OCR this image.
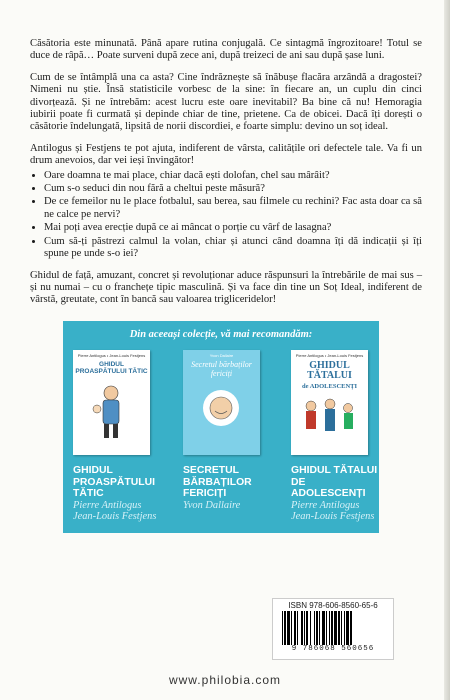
Căsătoria este minunată. Până apare rutina conjugală. Ce sintagmă îngrozitoare! Totul se duce de râpă… Poate surveni după zece ani, după treizeci de ani sau după șase luni.

Cum de se întâmplă una ca asta? Cine îndrăznește să înăbușe flacăra arzândă a dragostei? Nimeni nu știe. Însă statisticile vorbesc de la sine: în fiecare an, un cuplu din cinci divorțează. Și ne întrebăm: acest lucru este oare inevitabil? Ba bine că nu! Hemoragia iubirii poate fi curmată și depinde chiar de tine, prietene. Ca de obicei. Dacă îți dorești o căsătorie îndelungată, lipsită de norii discordiei, e foarte simplu: devino un soț ideal.

Antilogus și Festjens te pot ajuta, indiferent de vârsta, calitățile ori defectele tale. Va fi un drum anevoios, dar vei ieși învingător!

• Oare doamna te mai place, chiar dacă ești dolofan, chel sau mârâit?
• Cum s-o seduci din nou fără a cheltui peste măsură?
• De ce femeilor nu le place fotbalul, sau berea, sau filmele cu rechini? Fac asta doar ca să ne calce pe nervi?
• Mai poți avea erecție după ce ai mâncat o porție cu vârf de lasagna?
• Cum să-ți păstrezi calmul la volan, chiar și atunci când doamna îți dă indicații și îți spune pe unde s-o iei?

Ghidul de față, amuzant, concret și revoluționar aduce răspunsuri la întrebările de mai sus – și nu numai – cu o franchețe tipic masculină. Și va face din tine un Soț Ideal, indiferent de vârstă, greutate, cont în bancă sau valoarea trigliceridelor!

Din aceeași colecție, vă mai recomandăm:
Pierre Antilogus • Jean-Louis Festjens
GHIDUL PROASPĂTULUI TĂTIC
GHIDUL PROASPĂTULUI TĂTIC
Pierre Antilogus Jean-Louis Festjens
Yvon Dallaire
Secretul bărbaților fericiți
SECRETUL BĂRBAȚILOR FERICIȚI
Yvon Dallaire
Pierre Antilogus • Jean-Louis Festjens
GHIDUL TĂTALUI
de ADOLESCENȚI
GHIDUL TĂTALUI DE ADOLESCENȚI
Pierre Antilogus Jean-Louis Festjens
ISBN 978-606-8560-65-6
9 786068 560656
www.philobia.com
